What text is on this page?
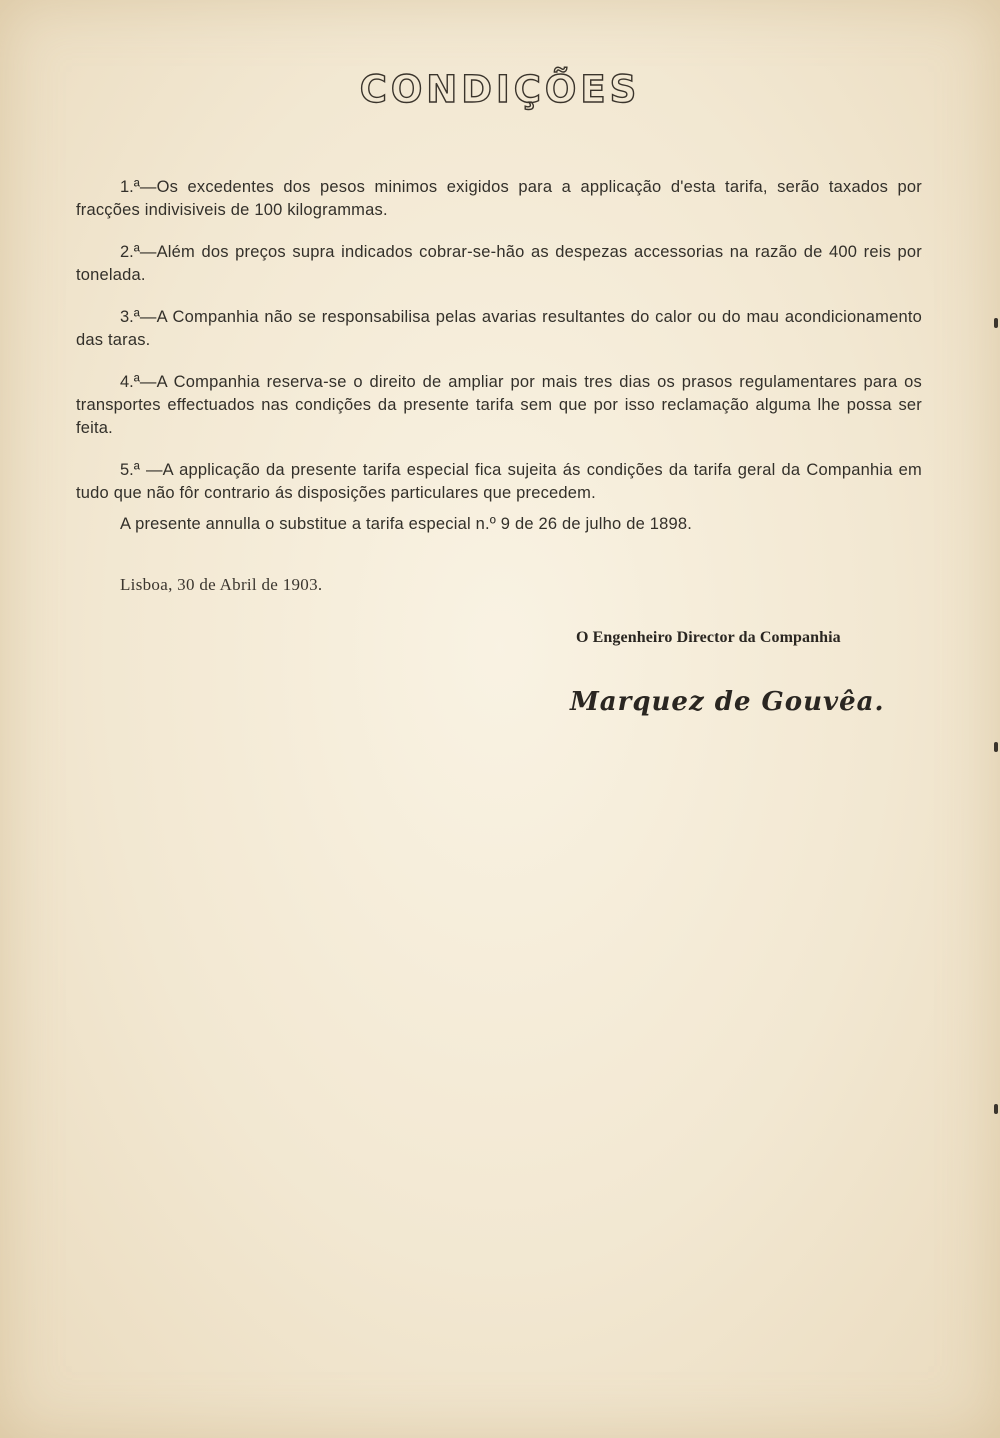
CONDIÇÕES
1.ª—Os excedentes dos pesos minimos exigidos para a applicação d'esta tarifa, serão taxados por fracções indivisiveis de 100 kilogrammas.
2.ª—Além dos preços supra indicados cobrar-se-hão as despezas accessorias na razão de 400 reis por tonelada.
3.ª—A Companhia não se responsabilisa pelas avarias resultantes do calor ou do mau acondicionamento das taras.
4.ª—A Companhia reserva-se o direito de ampliar por mais tres dias os prasos regulamentares para os transportes effectuados nas condições da presente tarifa sem que por isso reclamação alguma lhe possa ser feita.
5.ª —A applicação da presente tarifa especial fica sujeita ás condições da tarifa geral da Companhia em tudo que não fôr contrario ás disposições particulares que precedem.

A presente annulla o substitue a tarifa especial n.º 9 de 26 de julho de 1898.

Lisboa, 30 de Abril de 1903.

O Engenheiro Director da Companhia

Marquez de Gouvêa.
